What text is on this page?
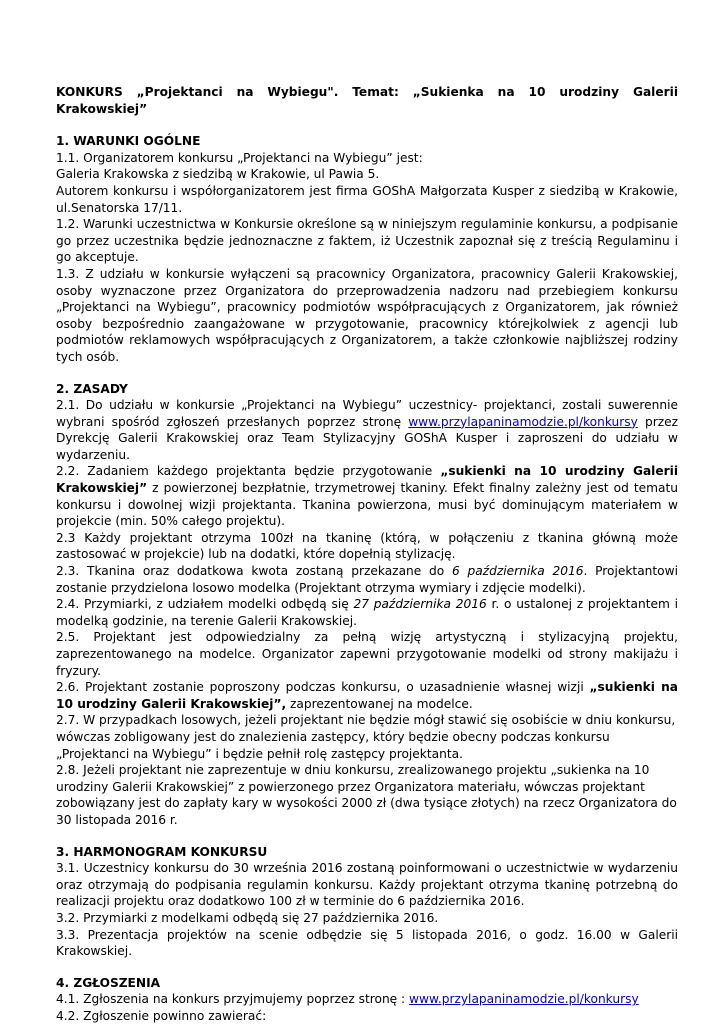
KONKURS „Projektanci na Wybiegu". Temat: „Sukienka na 10 urodziny Galerii Krakowskiej”

1. WARUNKI OGÓLNE

1.1. Organizatorem konkursu „Projektanci na Wybiegu” jest:

Galeria Krakowska z siedzibą w Krakowie, ul Pawia 5.

Autorem konkursu i współorganizatorem jest firma GOShA Małgorzata Kusper z siedzibą w Krakowie, ul.Senatorska 17/11.

1.2. Warunki uczestnictwa w Konkursie określone są w niniejszym regulaminie konkursu, a podpisanie go przez uczestnika będzie jednoznaczne z faktem, iż Uczestnik zapoznał się z treścią Regulaminu i go akceptuje.

1.3. Z udziału w konkursie wyłączeni są pracownicy Organizatora, pracownicy Galerii Krakowskiej, osoby wyznaczone przez Organizatora do przeprowadzenia nadzoru nad przebiegiem konkursu „Projektanci na Wybiegu”, pracownicy podmiotów współpracujących z Organizatorem, jak również osoby bezpośrednio zaangażowane w przygotowanie, pracownicy którejkolwiek z agencji lub podmiotów reklamowych współpracujących z Organizatorem, a także członkowie najbliższej rodziny tych osób.

2. ZASADY

2.1. Do udziału w konkursie „Projektanci na Wybiegu” uczestnicy- projektanci, zostali suwerennie wybrani spośród zgłoszeń przesłanych poprzez stronę www.przylapaninamodzie.pl/konkursy przez Dyrekcję Galerii Krakowskiej oraz Team Stylizacyjny GOShA Kusper i zaproszeni do udziału w wydarzeniu.

2.2. Zadaniem każdego projektanta będzie przygotowanie „sukienki na 10 urodziny Galerii Krakowskiej” z powierzonej bezpłatnie, trzymetrowej tkaniny. Efekt finalny zależny jest od tematu konkursu i dowolnej wizji projektanta. Tkanina powierzona, musi być dominującym materiałem w projekcie (min. 50% całego projektu).

2.3 Każdy projektant otrzyma 100zł na tkaninę (którą, w połączeniu z tkanina główną może zastosować w projekcie) lub na dodatki, które dopełnią stylizację.

2.3. Tkanina oraz dodatkowa kwota zostaną przekazane do 6 października 2016. Projektantowi zostanie przydzielona losowo modelka (Projektant otrzyma wymiary i zdjęcie modelki).

2.4. Przymiarki, z udziałem modelki odbędą się 27 października 2016 r. o ustalonej z projektantem i modelką godzinie, na terenie Galerii Krakowskiej.

2.5. Projektant jest odpowiedzialny za pełną wizję artystyczną i stylizacyjną projektu, zaprezentowanego na modelce. Organizator zapewni przygotowanie modelki od strony makijażu i fryzury.

2.6. Projektant zostanie poproszony podczas konkursu, o uzasadnienie własnej wizji „sukienki na 10 urodziny Galerii Krakowskiej”, zaprezentowanej na modelce.

2.7. W przypadkach losowych, jeżeli projektant nie będzie mógł stawić się osobiście w dniu konkursu, wówczas zobligowany jest do znalezienia zastępcy, który będzie obecny podczas konkursu „Projektanci na Wybiegu” i będzie pełnił rolę zastępcy projektanta.

2.8. Jeżeli projektant nie zaprezentuje w dniu konkursu, zrealizowanego projektu „sukienka na 10 urodziny Galerii Krakowskiej” z powierzonego przez Organizatora materiału, wówczas projektant zobowiązany jest do zapłaty kary w wysokości 2000 zł (dwa tysiące złotych) na rzecz Organizatora do 30 listopada 2016 r.

3. HARMONOGRAM KONKURSU

3.1. Uczestnicy konkursu do 30 września 2016 zostaną poinformowani o uczestnictwie w wydarzeniu oraz otrzymają do podpisania regulamin konkursu. Każdy projektant otrzyma tkaninę potrzebną do realizacji projektu oraz dodatkowo 100 zł w terminie do 6 października 2016.

3.2. Przymiarki z modelkami odbędą się 27 października 2016.

3.3. Prezentacja projektów na scenie odbędzie się 5 listopada 2016, o godz. 16.00 w Galerii Krakowskiej.

4. ZGŁOSZENIA

4.1. Zgłoszenia na konkurs przyjmujemy poprzez stronę : www.przylapaninamodzie.pl/konkursy

4.2. Zgłoszenie powinno zawierać:
